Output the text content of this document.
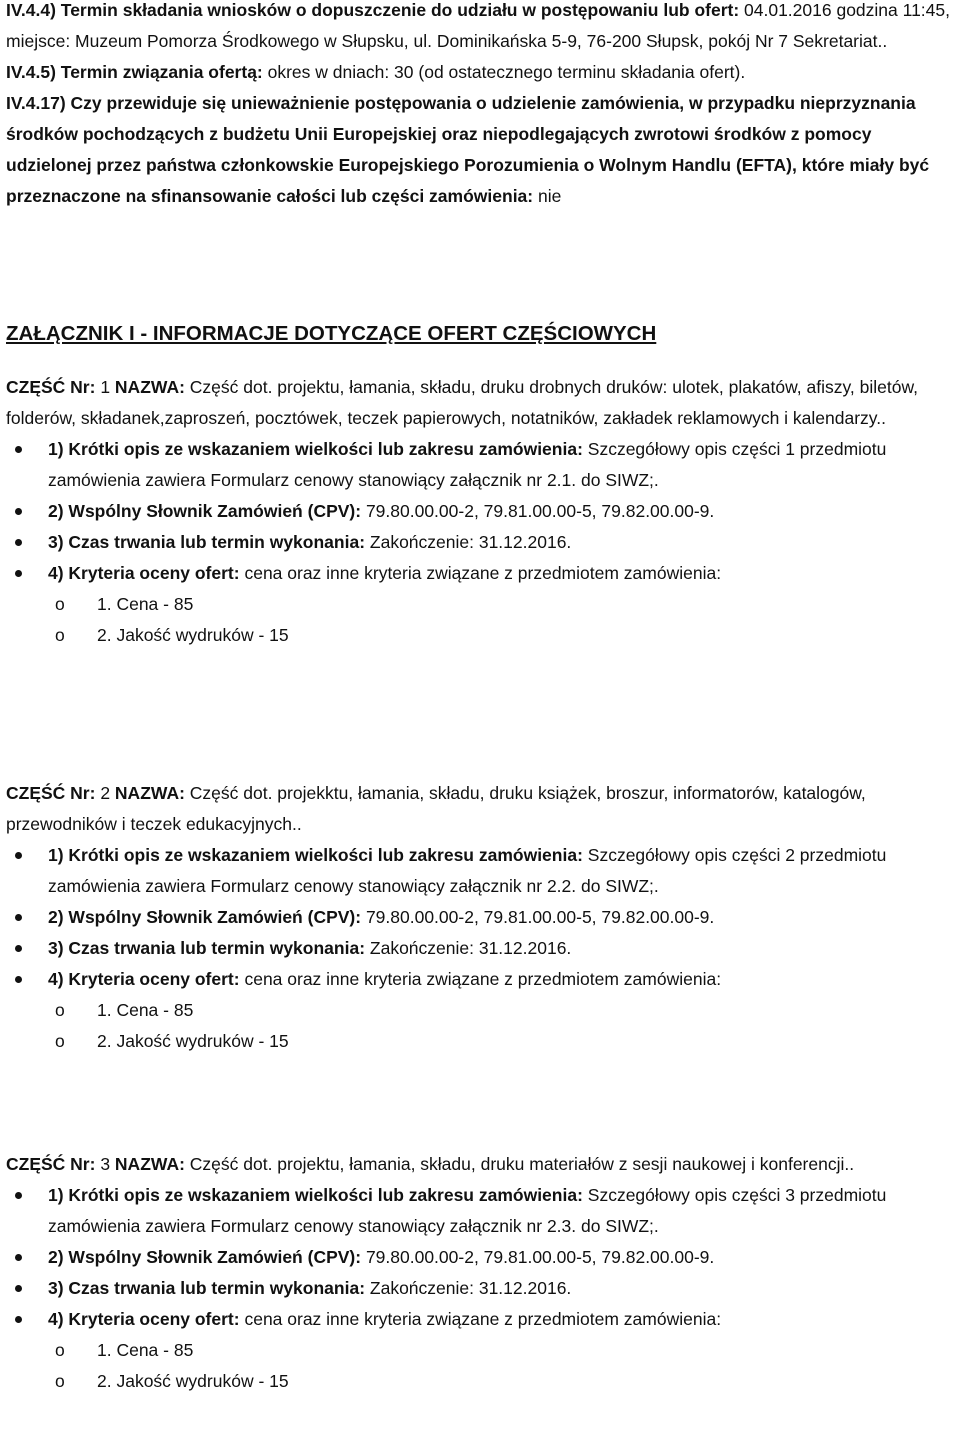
IV.4.4) Termin składania wniosków o dopuszczenie do udziału w postępowaniu lub ofert: 04.01.2016 godzina 11:45, miejsce: Muzeum Pomorza Środkowego w Słupsku, ul. Dominikańska 5-9, 76-200 Słupsk, pokój Nr 7 Sekretariat..

IV.4.5) Termin związania ofertą: okres w dniach: 30 (od ostatecznego terminu składania ofert).

IV.4.17) Czy przewiduje się unieważnienie postępowania o udzielenie zamówienia, w przypadku nieprzyznania środków pochodzących z budżetu Unii Europejskiej oraz niepodlegających zwrotowi środków z pomocy udzielonej przez państwa członkowskie Europejskiego Porozumienia o Wolnym Handlu (EFTA), które miały być przeznaczone na sfinansowanie całości lub części zamówienia: nie

ZAŁĄCZNIK I - INFORMACJE DOTYCZĄCE OFERT CZĘŚCIOWYCH

CZĘŚĆ Nr: 1 NAZWA: Część dot. projektu, łamania, składu, druku drobnych druków: ulotek, plakatów, afiszy, biletów, folderów, składanek,zaproszeń, pocztówek, teczek papierowych, notatników, zakładek reklamowych i kalendarzy..

1) Krótki opis ze wskazaniem wielkości lub zakresu zamówienia: Szczegółowy opis części 1 przedmiotu zamówienia zawiera Formularz cenowy stanowiący załącznik nr 2.1. do SIWZ;.
2) Wspólny Słownik Zamówień (CPV): 79.80.00.00-2, 79.81.00.00-5, 79.82.00.00-9.
3) Czas trwania lub termin wykonania: Zakończenie: 31.12.2016.
4) Kryteria oceny ofert: cena oraz inne kryteria związane z przedmiotem zamówienia:
o 1. Cena - 85
o 2. Jakość wydruków - 15

CZĘŚĆ Nr: 2 NAZWA: Część dot. projekktu, łamania, składu, druku książek, broszur, informatorów, katalogów, przewodników i teczek edukacyjnych..

1) Krótki opis ze wskazaniem wielkości lub zakresu zamówienia: Szczegółowy opis części 2 przedmiotu zamówienia zawiera Formularz cenowy stanowiący załącznik nr 2.2. do SIWZ;.
2) Wspólny Słownik Zamówień (CPV): 79.80.00.00-2, 79.81.00.00-5, 79.82.00.00-9.
3) Czas trwania lub termin wykonania: Zakończenie: 31.12.2016.
4) Kryteria oceny ofert: cena oraz inne kryteria związane z przedmiotem zamówienia:
o 1. Cena - 85
o 2. Jakość wydruków - 15

CZĘŚĆ Nr: 3 NAZWA: Część dot. projektu, łamania, składu, druku materiałów z sesji naukowej i konferencji..

1) Krótki opis ze wskazaniem wielkości lub zakresu zamówienia: Szczegółowy opis części 3 przedmiotu zamówienia zawiera Formularz cenowy stanowiący załącznik nr 2.3. do SIWZ;.
2) Wspólny Słownik Zamówień (CPV): 79.80.00.00-2, 79.81.00.00-5, 79.82.00.00-9.
3) Czas trwania lub termin wykonania: Zakończenie: 31.12.2016.
4) Kryteria oceny ofert: cena oraz inne kryteria związane z przedmiotem zamówienia:
o 1. Cena - 85
o 2. Jakość wydruków - 15
